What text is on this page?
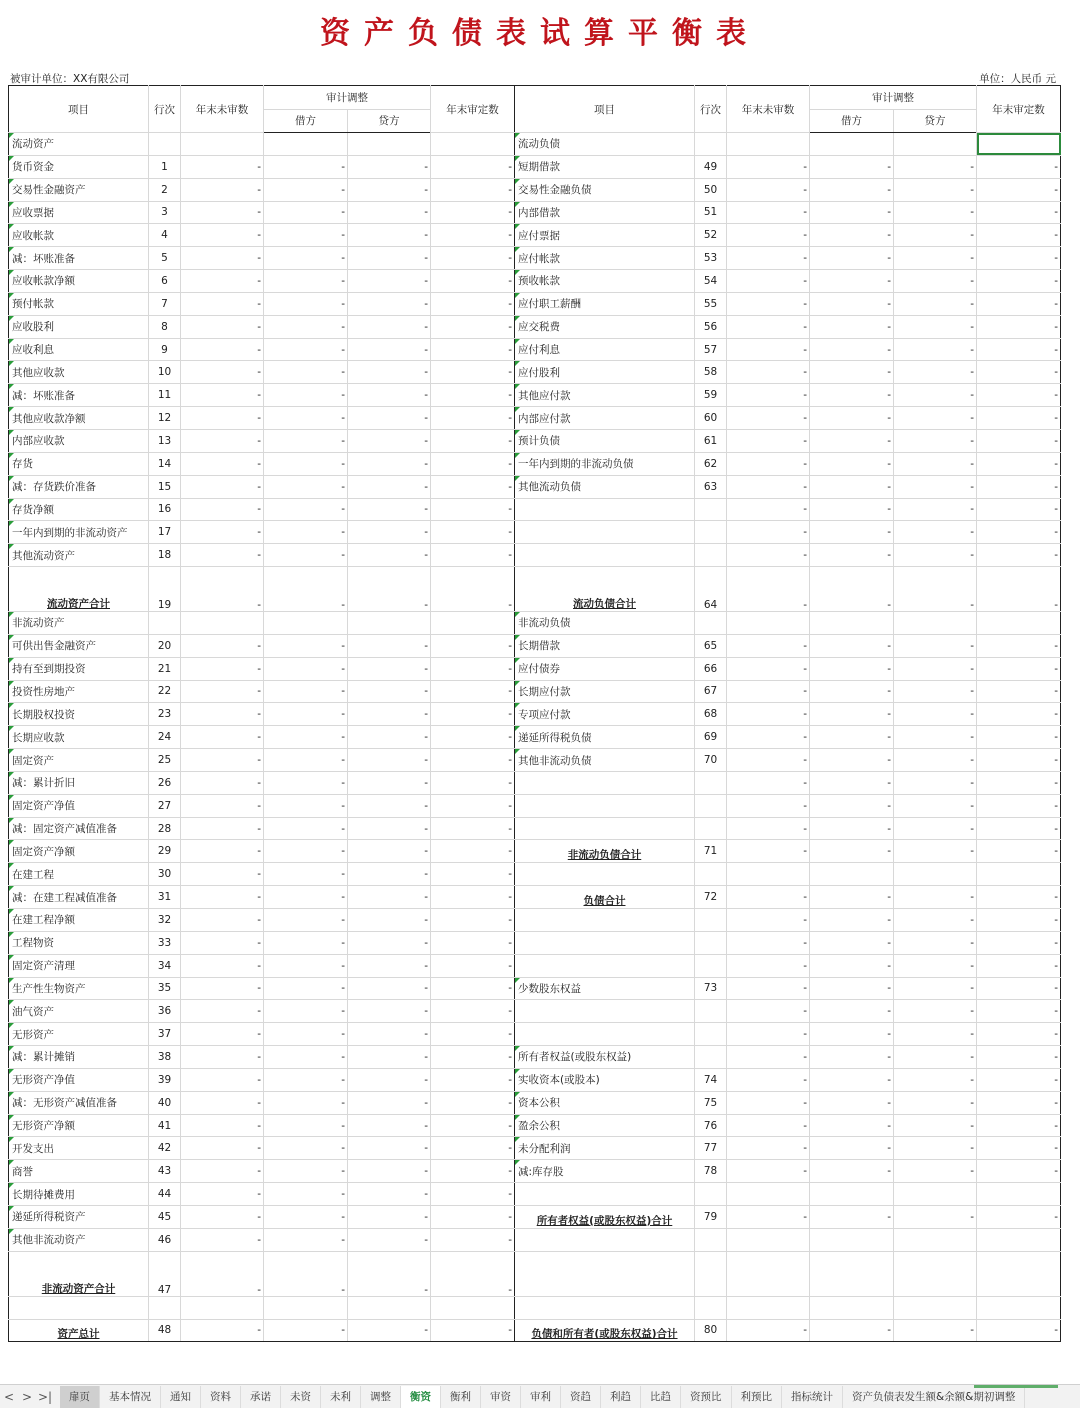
资产负债表试算平衡表
被审计单位：XX有限公司	单位：人民币 元
项目	行次	年末未审数	审计调整		年末审定数	项目	行次	年末未审数	审计调整		年末审定数
			借方	贷方					借方	贷方	

流动资产						流动负债					

货币资金	1	-	-	-	-	短期借款	49	-	-	-	-

交易性金融资产	2	-	-	-	-	交易性金融负债	50	-	-	-	-

应收票据	3	-	-	-	-	内部借款	51	-	-	-	-

应收帐款	4	-	-	-	-	应付票据	52	-	-	-	-

减：坏账准备	5	-	-	-	-	应付帐款	53	-	-	-	-

应收帐款净额	6	-	-	-	-	预收帐款	54	-	-	-	-

预付帐款	7	-	-	-	-	应付职工薪酬	55	-	-	-	-

应收股利	8	-	-	-	-	应交税费	56	-	-	-	-

应收利息	9	-	-	-	-	应付利息	57	-	-	-	-

其他应收款	10	-	-	-	-	应付股利	58	-	-	-	-

减：坏账准备	11	-	-	-	-	其他应付款	59	-	-	-	-

其他应收款净额	12	-	-	-	-	内部应付款	60	-	-	-	-

内部应收款	13	-	-	-	-	预计负债	61	-	-	-	-

存货	14	-	-	-	-	一年内到期的非流动负债	62	-	-	-	-

减：存货跌价准备	15	-	-	-	-	其他流动负债	63	-	-	-	-

存货净额	16	-	-	-	-			-	-	-	-

一年内到期的非流动资产	17	-	-	-	-			-	-	-	-

其他流动资产	18	-	-	-	-			-	-	-	-
流动资产合计	19	-	-	-	-	流动负债合计	64	-	-	-	-

非流动资产						非流动负债					

可供出售金融资产	20	-	-	-	-	长期借款	65	-	-	-	-

持有至到期投资	21	-	-	-	-	应付债券	66	-	-	-	-

投资性房地产	22	-	-	-	-	长期应付款	67	-	-	-	-

长期股权投资	23	-	-	-	-	专项应付款	68	-	-	-	-

长期应收款	24	-	-	-	-	递延所得税负债	69	-	-	-	-

固定资产	25	-	-	-	-	其他非流动负债	70	-	-	-	-

减：累计折旧	26	-	-	-	-			-	-	-	-

固定资产净值	27	-	-	-	-			-	-	-	-

减：固定资产减值准备	28	-	-	-	-			-	-	-	-

固定资产净额	29	-	-	-	-	非流动负债合计	71	-	-	-	-

在建工程	30	-	-	-	-						

减：在建工程减值准备	31	-	-	-	-	负债合计	72	-	-	-	-

在建工程净额	32	-	-	-	-			-	-	-	-

工程物资	33	-	-	-	-			-	-	-	-

固定资产清理	34	-	-	-	-			-	-	-	-

生产性生物资产	35	-	-	-	-	少数股东权益	73	-	-	-	-

油气资产	36	-	-	-	-			-	-	-	-

无形资产	37	-	-	-	-			-	-	-	-

减：累计摊销	38	-	-	-	-	所有者权益(或股东权益)		-	-	-	-

无形资产净值	39	-	-	-	-	实收资本(或股本)	74	-	-	-	-

减：无形资产减值准备	40	-	-	-	-	资本公积	75	-	-	-	-

无形资产净额	41	-	-	-	-	盈余公积	76	-	-	-	-

开发支出	42	-	-	-	-	未分配利润	77	-	-	-	-

商誉	43	-	-	-	-	减:库存股	78	-	-	-	-

长期待摊费用	44	-	-	-	-						

递延所得税资产	45	-	-	-	-	所有者权益(或股东权益)合计	79	-	-	-	-

其他非流动资产	46	-	-	-	-						
非流动资产合计	47	-	-	-	-						

资产总计	48	-	-	-	-	负债和所有者(或股东权益)合计	80	-	-	-	-
< > >|	扉页	基本情况	通知	资料	承诺	未资	未利	调整	衡资	衡利	审资	审利	资趋	利趋	比趋	资预比	利预比	指标统计	资产负债表发生额&余额&期初调整
